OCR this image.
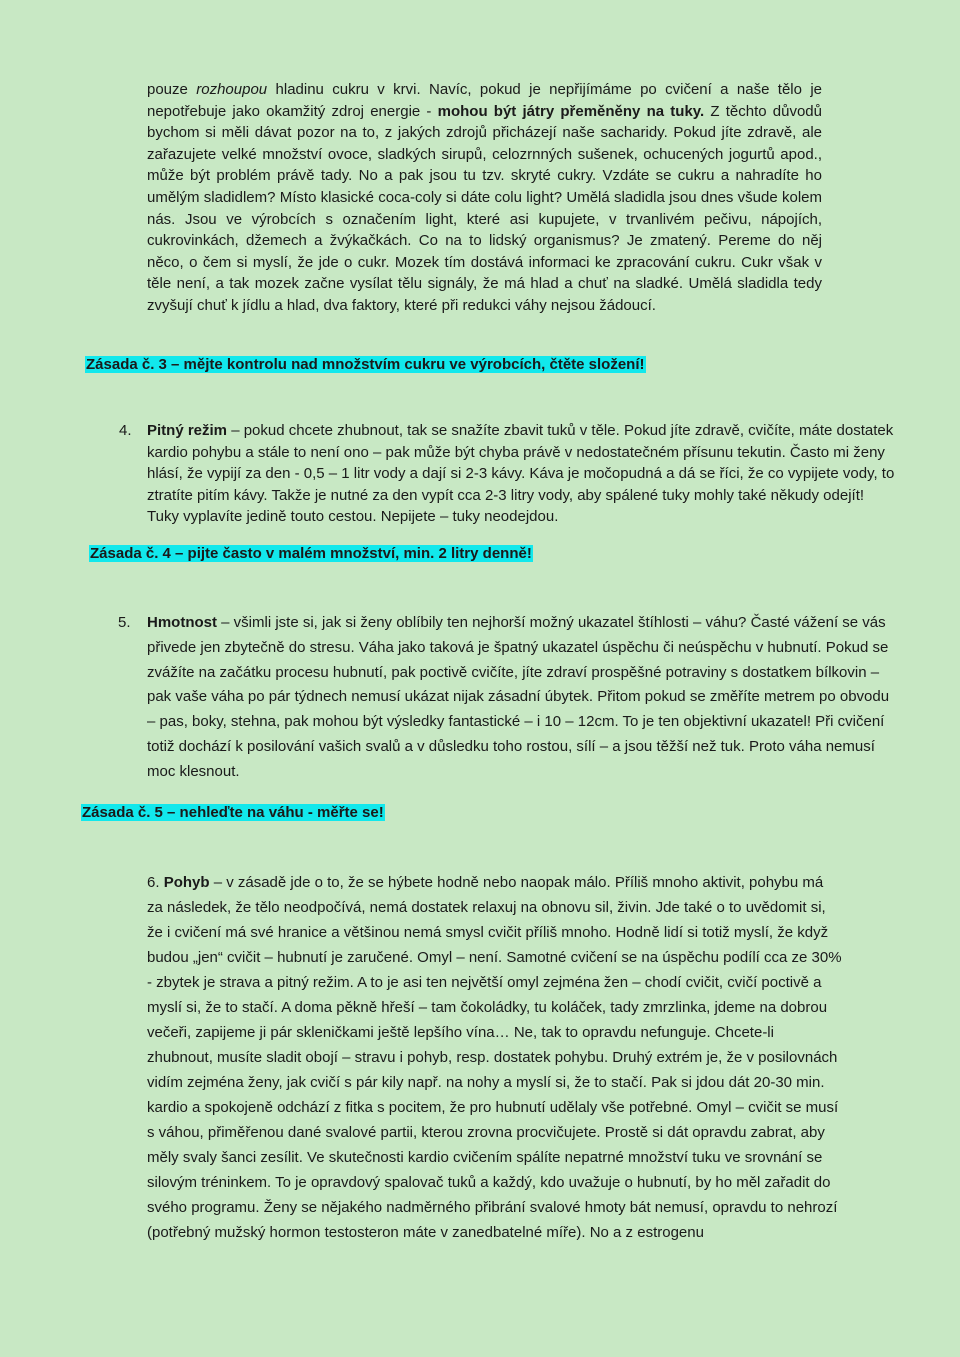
pouze rozhoupou hladinu cukru v krvi. Navíc, pokud je nepřijímáme po cvičení a naše tělo je nepotřebuje jako okamžitý zdroj energie - mohou být játry přeměněny na tuky. Z těchto důvodů bychom si měli dávat pozor na to, z jakých zdrojů přicházejí naše sacharidy. Pokud jíte zdravě, ale zařazujete velké množství ovoce, sladkých sirupů, celozrnných sušenek, ochucených jogurtů apod., může být problém právě tady. No a pak jsou tu tzv. skryté cukry. Vzdáte se cukru a nahradíte ho umělým sladidlem? Místo klasické coca-coly si dáte colu light? Umělá sladidla jsou dnes všude kolem nás. Jsou ve výrobcích s označením light, které asi kupujete, v trvanlivém pečivu, nápojích, cukrovinkách, džemech a žvýkačkách. Co na to lidský organismus? Je zmatený. Pereme do něj něco, o čem si myslí, že jde o cukr. Mozek tím dostává informaci ke zpracování cukru. Cukr však v těle není, a tak mozek začne vysílat tělu signály, že má hlad a chuť na sladké. Umělá sladidla tedy zvyšují chuť k jídlu a hlad, dva faktory, které při redukci váhy nejsou žádoucí.

Zásada č. 3 – mějte kontrolu nad množstvím cukru ve výrobcích, čtěte složení!

4. Pitný režim – pokud chcete zhubnout, tak se snažíte zbavit tuků v těle. Pokud jíte zdravě, cvičíte, máte dostatek kardio pohybu a stále to není ono – pak může být chyba právě v nedostatečném přísunu tekutin. Často mi ženy hlásí, že vypijí za den - 0,5 – 1 litr vody a dají si 2-3 kávy. Káva je močopudná a dá se říci, že co vypijete vody, to ztratíte pitím kávy. Takže je nutné za den vypít cca 2-3 litry vody, aby spálené tuky mohly také někudy odejít! Tuky vyplavíte jedině touto cestou. Nepijete – tuky neodejdou.

Zásada č. 4 – pijte často v malém množství, min. 2 litry denně!

5. Hmotnost – všimli jste si, jak si ženy oblíbily ten nejhorší možný ukazatel štíhlosti – váhu? Časté vážení se vás přivede jen zbytečně do stresu. Váha jako taková je špatný ukazatel úspěchu či neúspěchu v hubnutí. Pokud se zvážíte na začátku procesu hubnutí, pak poctivě cvičíte, jíte zdraví prospěšné potraviny s dostatkem bílkovin – pak vaše váha po pár týdnech nemusí ukázat nijak zásadní úbytek. Přitom pokud se změříte metrem po obvodu – pas, boky, stehna, pak mohou být výsledky fantastické – i 10 – 12cm. To je ten objektivní ukazatel! Při cvičení totiž dochází k posilování vašich svalů a v důsledku toho rostou, sílí – a jsou těžší než tuk. Proto váha nemusí moc klesnout.

Zásada č. 5 – nehleďte na váhu - měřte se!

6. Pohyb – v zásadě jde o to, že se hýbete hodně nebo naopak málo. Příliš mnoho aktivit, pohybu má za následek, že tělo neodpočívá, nemá dostatek relaxuj na obnovu sil, živin. Jde také o to uvědomit si, že i cvičení má své hranice a většinou nemá smysl cvičit příliš mnoho. Hodně lidí si totiž myslí, že když budou „jen“ cvičit – hubnutí je zaručené. Omyl – není. Samotné cvičení se na úspěchu podílí cca ze 30% - zbytek je strava a pitný režim. A to je asi ten největší omyl zejména žen – chodí cvičit, cvičí poctivě a myslí si, že to stačí. A doma pěkně hřeší – tam čokoládky, tu koláček, tady zmrzlinka, jdeme na dobrou večeři, zapijeme ji pár skleničkami ještě lepšího vína… Ne, tak to opravdu nefunguje. Chcete-li zhubnout, musíte sladit obojí – stravu i pohyb, resp. dostatek pohybu. Druhý extrém je, že v posilovnách vidím zejména ženy, jak cvičí s pár kily např. na nohy a myslí si, že to stačí. Pak si jdou dát 20-30 min. kardio a spokojeně odchází z fitka s pocitem, že pro hubnutí udělaly vše potřebné. Omyl – cvičit se musí s váhou, přiměřenou dané svalové partii, kterou zrovna procvičujete. Prostě si dát opravdu zabrat, aby měly svaly šanci zesílit. Ve skutečnosti kardio cvičením spálíte nepatrné množství tuku ve srovnání se silovým tréninkem. To je opravdový spalovač tuků a každý, kdo uvažuje o hubnutí, by ho měl zařadit do svého programu. Ženy se nějakého nadměrného přibrání svalové hmoty bát nemusí, opravdu to nehrozí (potřebný mužský hormon testosteron máte v zanedbatelné míře). No a z estrogenu
